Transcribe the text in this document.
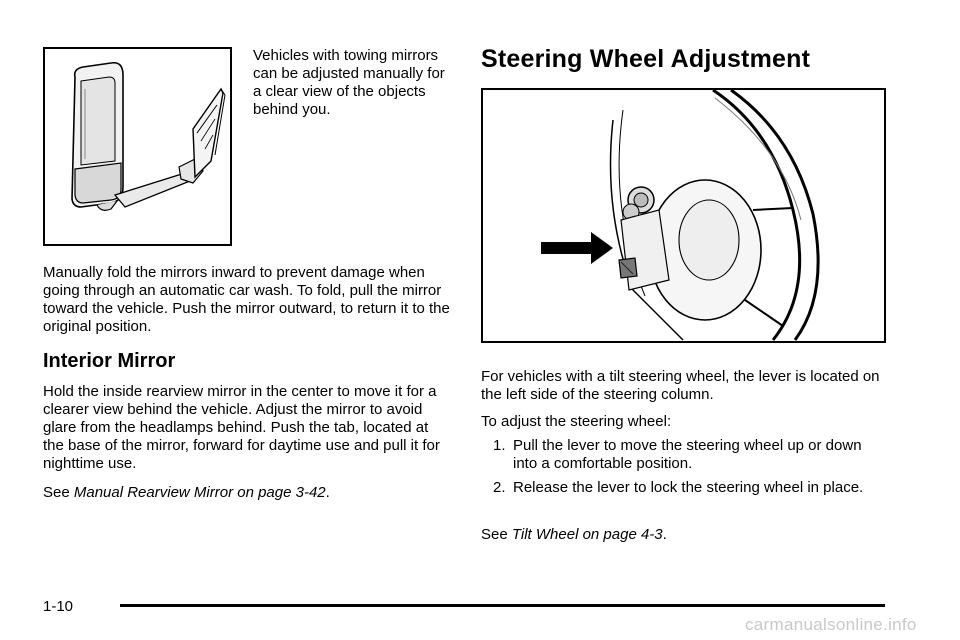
Vehicles with towing mirrors can be adjusted manually for a clear view of the objects behind you.
Manually fold the mirrors inward to prevent damage when going through an automatic car wash. To fold, pull the mirror toward the vehicle. Push the mirror outward, to return it to the original position.
Interior Mirror
Hold the inside rearview mirror in the center to move it for a clearer view behind the vehicle. Adjust the mirror to avoid glare from the headlamps behind. Push the tab, located at the base of the mirror, forward for daytime use and pull it for nighttime use.
See Manual Rearview Mirror on page 3-42.
Steering Wheel Adjustment
For vehicles with a tilt steering wheel, the lever is located on the left side of the steering column.
To adjust the steering wheel:
1. Pull the lever to move the steering wheel up or down into a comfortable position.
2. Release the lever to lock the steering wheel in place.
See Tilt Wheel on page 4-3.
1-10
carmanualsonline.info
